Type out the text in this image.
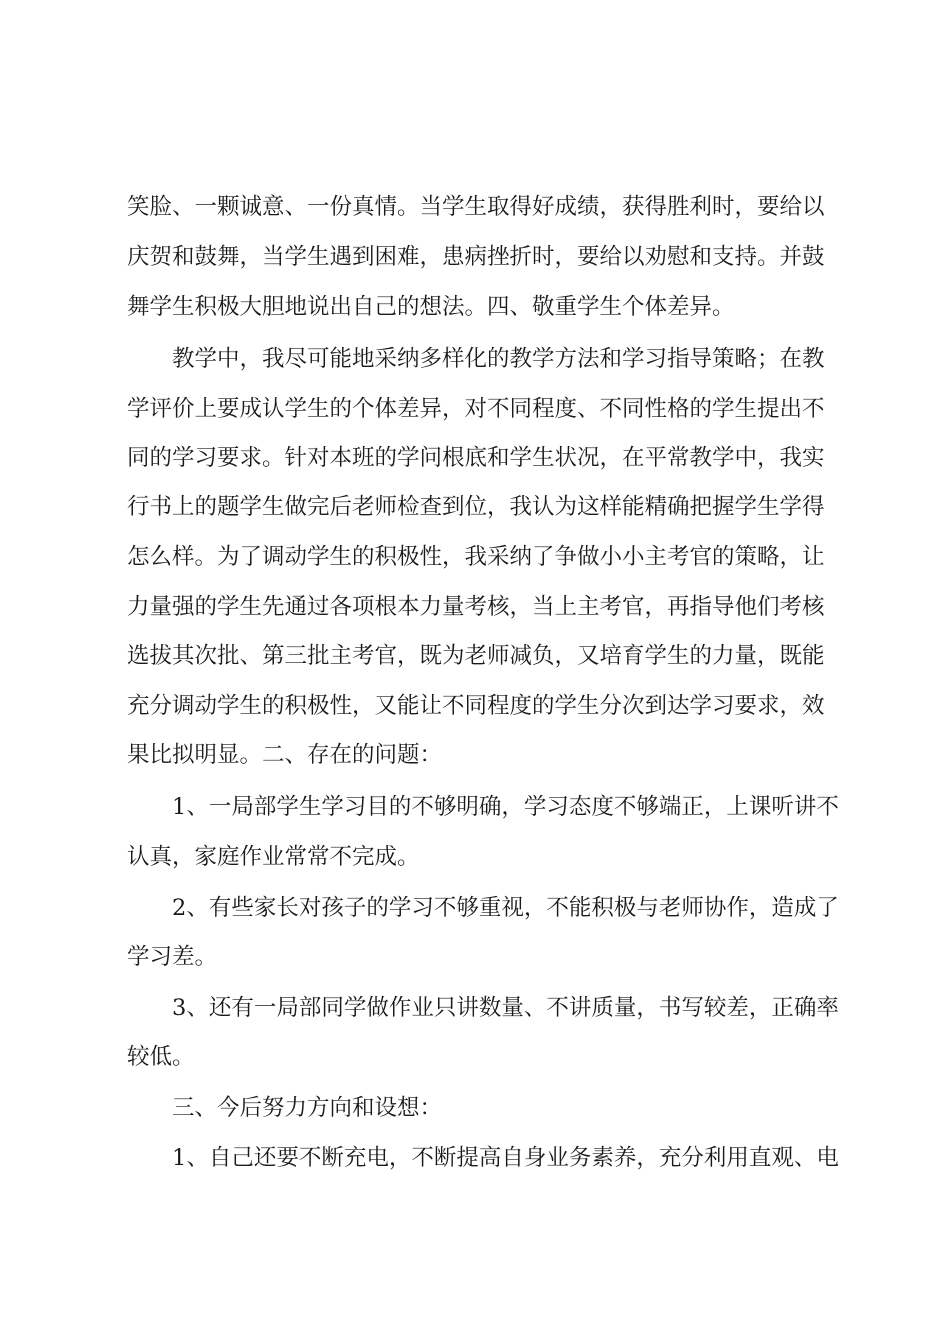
笑脸、一颗诚意、一份真情。当学生取得好成绩，获得胜利时，要给以
庆贺和鼓舞，当学生遇到困难，患病挫折时，要给以劝慰和支持。并鼓
舞学生积极大胆地说出自己的想法。四、敬重学生个体差异。
教学中，我尽可能地采纳多样化的教学方法和学习指导策略；在教
学评价上要成认学生的个体差异，对不同程度、不同性格的学生提出不
同的学习要求。针对本班的学问根底和学生状况，在平常教学中，我实
行书上的题学生做完后老师检查到位，我认为这样能精确把握学生学得
怎么样。为了调动学生的积极性，我采纳了争做小小主考官的策略，让
力量强的学生先通过各项根本力量考核，当上主考官，再指导他们考核
选拔其次批、第三批主考官，既为老师减负，又培育学生的力量，既能
充分调动学生的积极性，又能让不同程度的学生分次到达学习要求，效
果比拟明显。二、存在的问题：
1、一局部学生学习目的不够明确，学习态度不够端正，上课听讲不
认真，家庭作业常常不完成。
2、有些家长对孩子的学习不够重视，不能积极与老师协作，造成了
学习差。
3、还有一局部同学做作业只讲数量、不讲质量，书写较差，正确率
较低。
三、今后努力方向和设想：
1、自己还要不断充电，不断提高自身业务素养，充分利用直观、电
